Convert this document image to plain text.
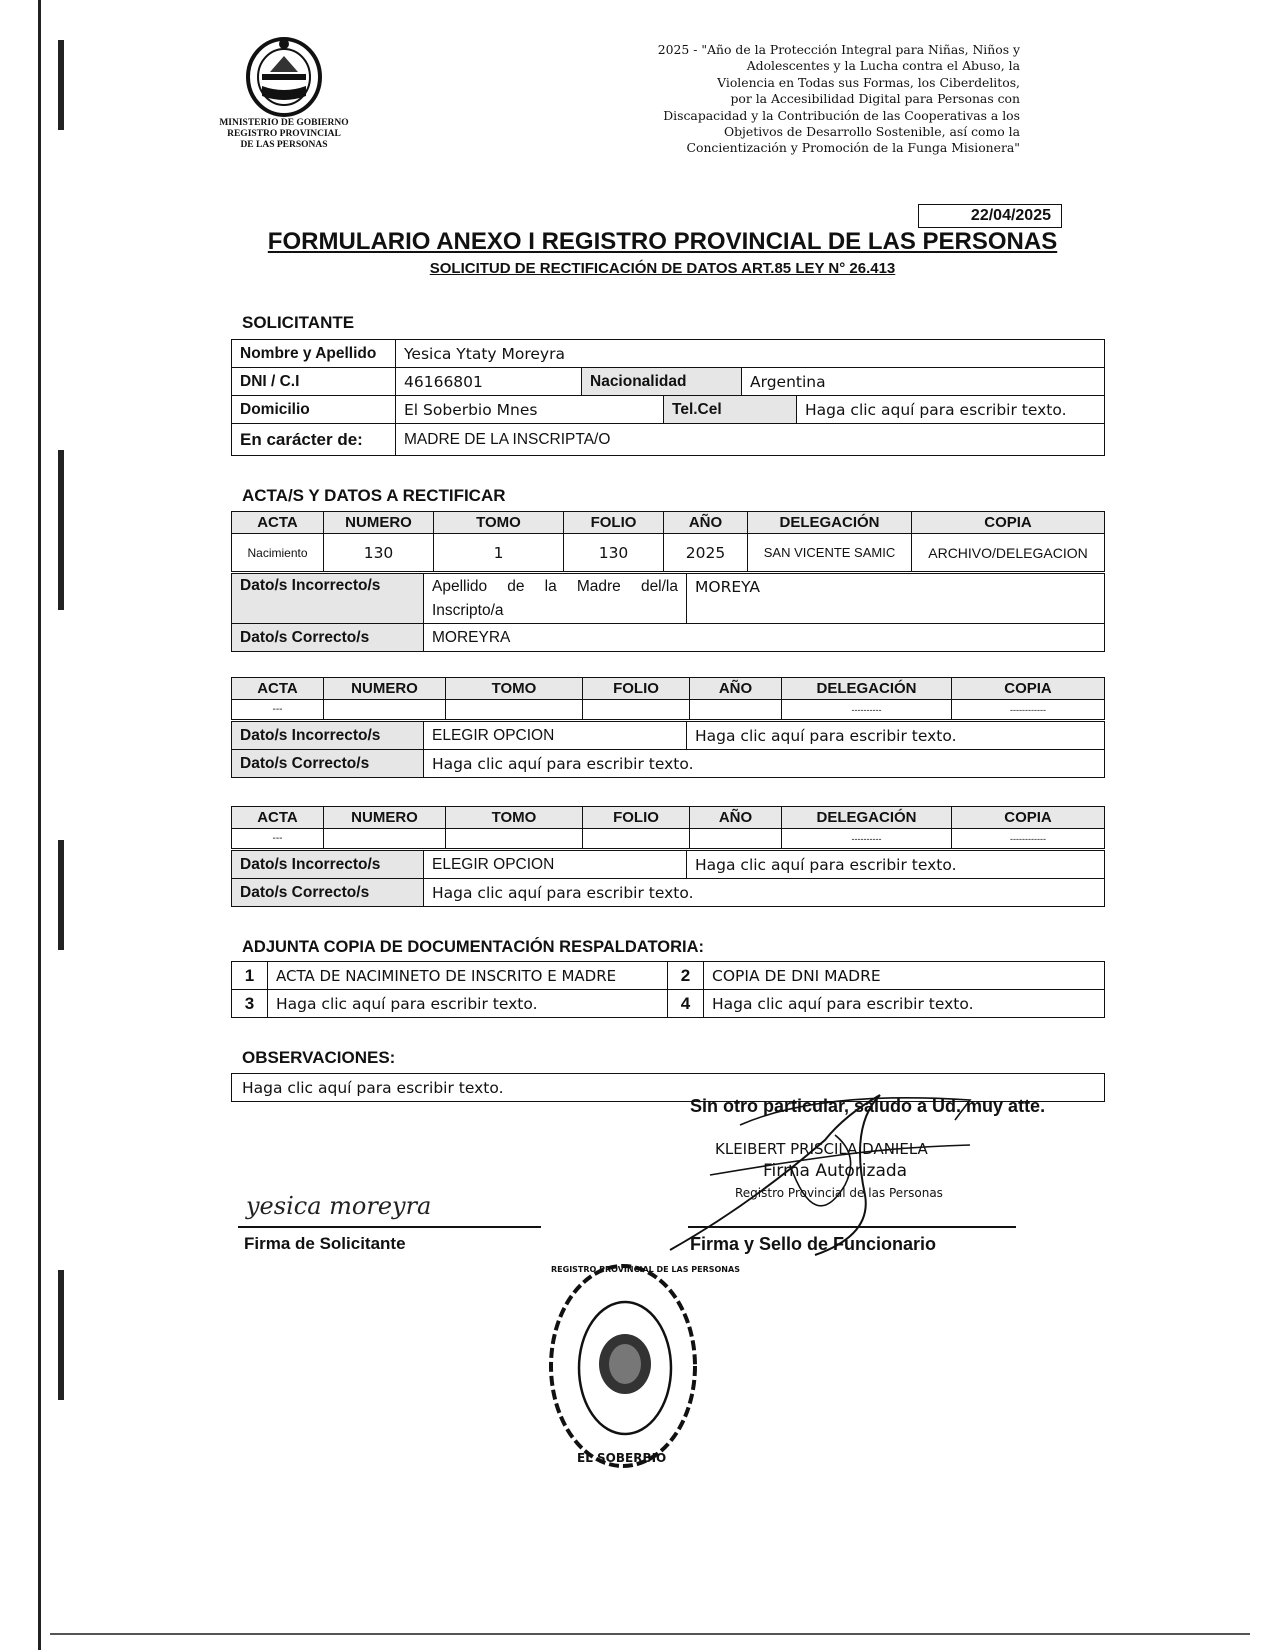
MINISTERIO DE GOBIERNO
REGISTRO PROVINCIAL
DE LAS PERSONAS
2025 - "Año de la Protección Integral para Niñas, Niños y
Adolescentes y la Lucha contra el Abuso, la
Violencia en Todas sus Formas, los Ciberdelitos,
por la Accesibilidad Digital para Personas con
Discapacidad y la Contribución de las Cooperativas a los
Objetivos de Desarrollo Sostenible, así como la
Concientización y Promoción de la Funga Misionera"
22/04/2025
FORMULARIO ANEXO I REGISTRO PROVINCIAL DE LAS PERSONAS
SOLICITUD DE RECTIFICACIÓN DE DATOS ART.85 LEY N° 26.413
SOLICITANTE
Nombre y Apellido	Yesica Ytaty Moreyra				
DNI / C.I	46166801	Nacionalidad		Argentina	
Domicilio	El Soberbio Mnes		Tel.Cel		Haga clic aquí para escribir texto.
En carácter de:	MADRE DE LA INSCRIPTA/O				
ACTA/S Y DATOS A RECTIFICAR
ACTA	NUMERO	TOMO	FOLIO	AÑO	DELEGACIÓN	COPIA
Nacimiento	130	1	130	2025	SAN VICENTE SAMIC	ARCHIVO/DELEGACION
Dato/s Incorrecto/s	Apellido de la Madre del/la Inscripto/a	MOREYA
Dato/s Correcto/s	MOREYRA	
ACTA	NUMERO	TOMO	FOLIO	AÑO	DELEGACIÓN	COPIA
---					----------	------------
Dato/s Incorrecto/s	ELEGIR OPCION	Haga clic aquí para escribir texto.
Dato/s Correcto/s	Haga clic aquí para escribir texto.	
ACTA	NUMERO	TOMO	FOLIO	AÑO	DELEGACIÓN	COPIA
---					----------	------------
Dato/s Incorrecto/s	ELEGIR OPCION	Haga clic aquí para escribir texto.
Dato/s Correcto/s	Haga clic aquí para escribir texto.	
ADJUNTA COPIA DE DOCUMENTACIÓN RESPALDATORIA:
1	ACTA DE NACIMINETO DE INSCRITO E MADRE	2	COPIA DE DNI MADRE
3	Haga clic aquí para escribir texto.	4	Haga clic aquí para escribir texto.
OBSERVACIONES:
Haga clic aquí para escribir texto.
Sin otro particular, saludo a Ud. muy atte.
KLEIBERT PRISCILA DANIELA
Firma Autorizada
Registro Provincial de las Personas
yesica moreyra
Firma de Solicitante	Firma y Sello de Funcionario
EL SOBERBIO
REGISTRO PROVINCIAL DE LAS PERSONAS
